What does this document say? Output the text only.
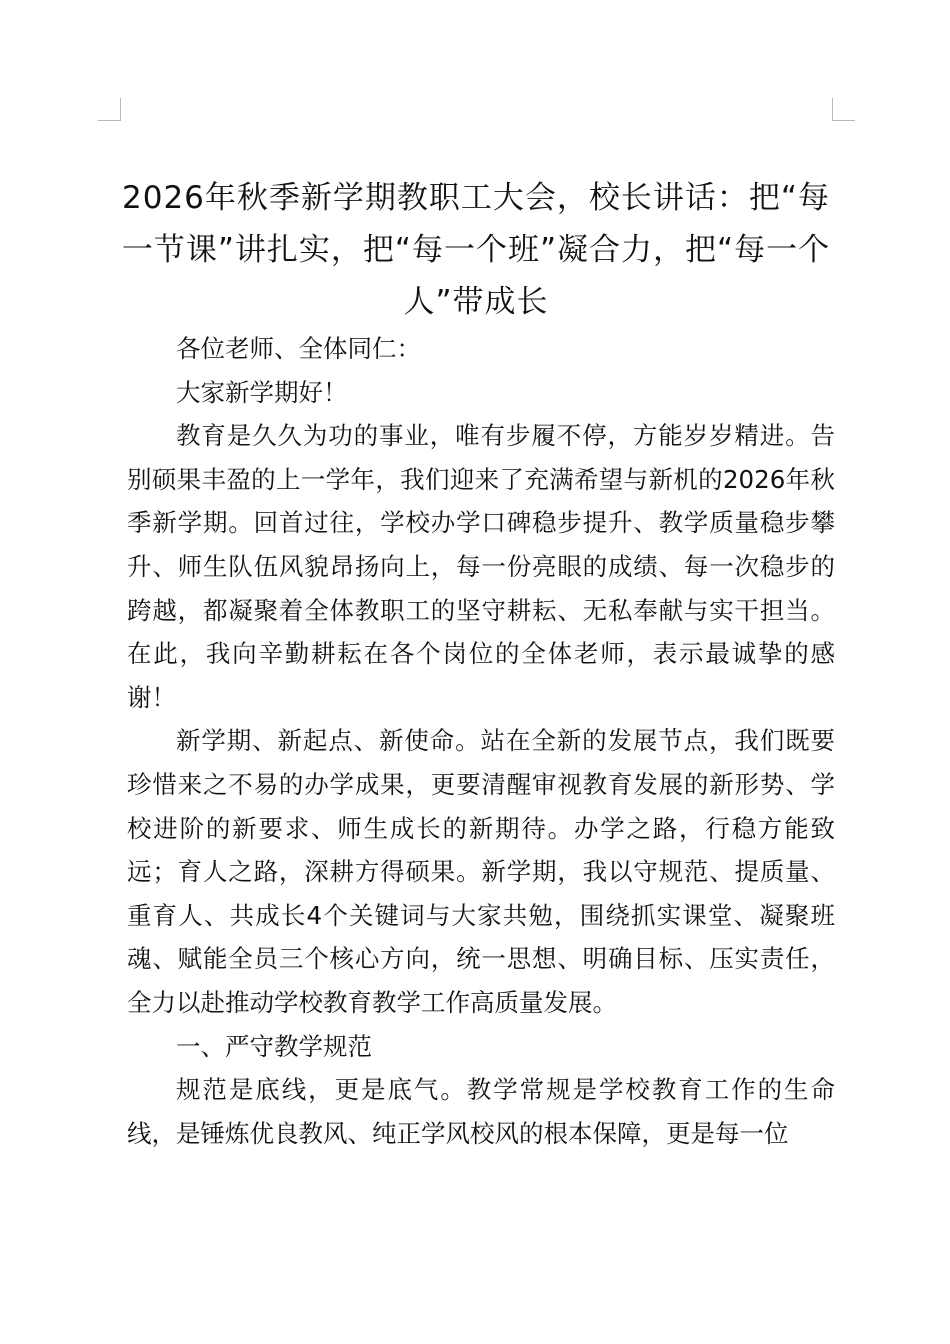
2026年秋季新学期教职工大会，校长讲话：把“每一节课”讲扎实，把“每一个班”凝合力，把“每一个人”带成长

各位老师、全体同仁：

大家新学期好！

教育是久久为功的事业，唯有步履不停，方能岁岁精进。告别硕果丰盈的上一学年，我们迎来了充满希望与新机的2026年秋季新学期。回首过往，学校办学口碑稳步提升、教学质量稳步攀升、师生队伍风貌昂扬向上，每一份亮眼的成绩、每一次稳步的跨越，都凝聚着全体教职工的坚守耕耘、无私奉献与实干担当。在此，我向辛勤耕耘在各个岗位的全体老师，表示最诚挚的感谢！

新学期、新起点、新使命。站在全新的发展节点，我们既要珍惜来之不易的办学成果，更要清醒审视教育发展的新形势、学校进阶的新要求、师生成长的新期待。办学之路，行稳方能致远；育人之路，深耕方得硕果。新学期，我以守规范、提质量、重育人、共成长4个关键词与大家共勉，围绕抓实课堂、凝聚班魂、赋能全员三个核心方向，统一思想、明确目标、压实责任，全力以赴推动学校教育教学工作高质量发展。

一、严守教学规范

规范是底线，更是底气。教学常规是学校教育工作的生命线，是锤炼优良教风、纯正学风校风的根本保障，更是每一位
